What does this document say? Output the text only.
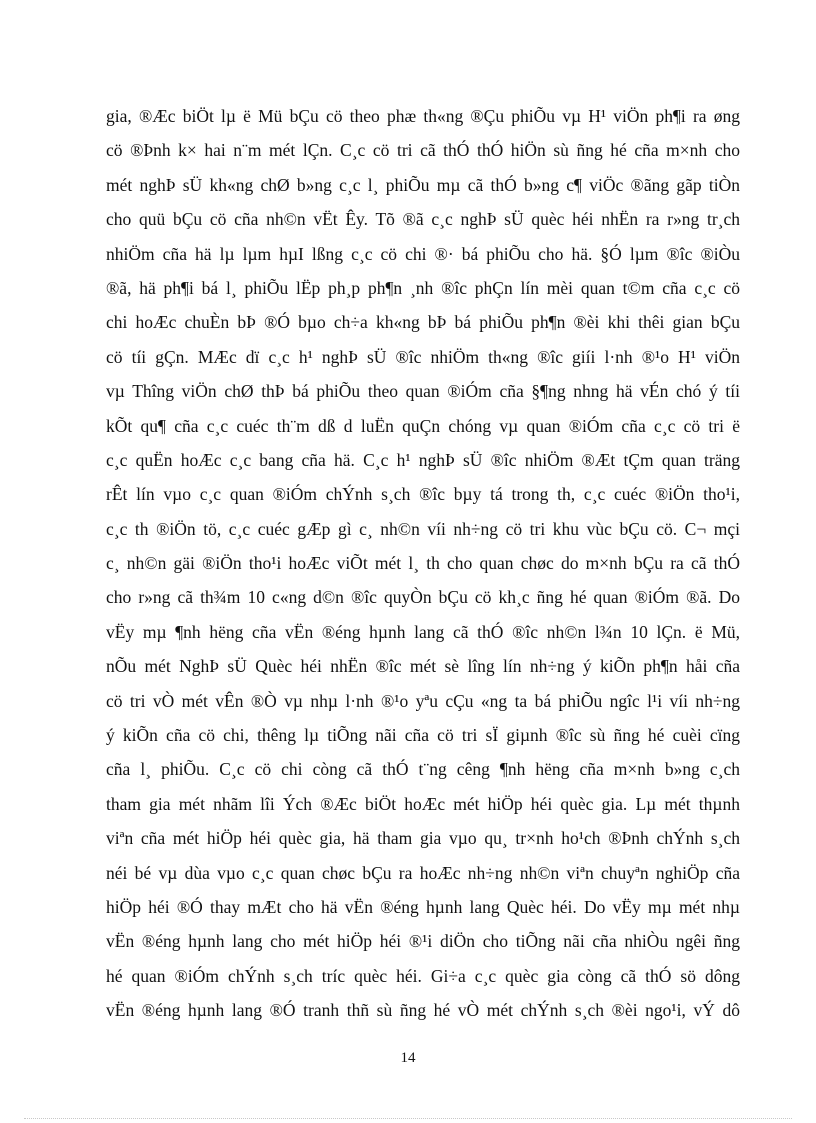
gia, ®Æc biÖt lµ ë Mü bÇu cö theo phæ th«ng ®Çu phiÕu vµ H¹ viÖn ph¶i ra øng
cö ®Þnh k× hai n¨m mét lÇn. C¸c cö tri cã thÓ thÓ hiÖn sù ñng hé cña m×nh cho
mét nghÞ sÜ kh«ng chØ b»ng c¸c l¸ phiÕu mµ cã thÓ b»ng c¶ viÖc ®ãng gãp tiÒn
cho quü bÇu cö cña nh©n vËt Êy. Tõ ®ã c¸c nghÞ sÜ quèc héi nhËn ra r»ng tr¸ch
nhiÖm cña hä lµ lµm hµI lßng c¸c cö chi ®· bá phiÕu cho hä. §Ó lµm ®îc ®iÒu
®ã, hä ph¶i bá l¸ phiÕu lËp ph¸p ph¶n ¸nh ®îc phÇn lín mèi quan t©m cña c¸c cö
chi hoÆc chuÈn bÞ ®Ó bµo ch÷a kh«ng bÞ bá phiÕu ph¶n ®èi khi thêi gian bÇu
cö tíi gÇn. MÆc dï c¸c h¹ nghÞ sÜ ®îc nhiÖm th«ng ®îc giíi l·nh ®¹o H¹ viÖn
vµ Thîng viÖn chØ thÞ bá phiÕu theo quan ®iÓm cña §¶ng nhng hä vÉn chó ý tíi
kÕt qu¶ cña c¸c cuéc th¨m dß d luËn quÇn chóng vµ quan ®iÓm cña c¸c cö tri ë
c¸c quËn hoÆc c¸c bang cña hä. C¸c h¹ nghÞ sÜ ®îc nhiÖm ®Æt tÇm quan träng
rÊt lín vµo c¸c quan ®iÓm chÝnh s¸ch ®îc bµy tá trong th, c¸c cuéc ®iÖn tho¹i,
c¸c th ®iÖn tö, c¸c cuéc gÆp gì c¸ nh©n víi nh÷ng cö tri khu vùc bÇu cö. C¬ mçi
c¸ nh©n gäi ®iÖn tho¹i hoÆc viÕt mét l¸ th cho quan chøc do m×nh bÇu ra cã thÓ
cho r»ng cã th¾m 10 c«ng d©n ®îc quyÒn bÇu cö kh¸c ñng hé quan ®iÓm ®ã. Do
vËy mµ ¶nh hëng cña vËn ®éng hµnh lang cã thÓ ®îc nh©n l¾n 10 lÇn. ë Mü,
nÕu mét NghÞ sÜ Quèc héi nhËn ®îc mét sè lîng lín nh÷ng ý kiÕn ph¶n håi cña
cö tri vÒ mét vÊn ®Ò vµ nhµ l·nh ®¹o yªu cÇu «ng ta bá phiÕu ngîc l¹i víi nh÷ng
ý kiÕn cña cö chi, thêng lµ tiÕng nãi cña cö tri sÏ giµnh ®îc sù ñng hé cuèi cïng
cña l¸ phiÕu. C¸c cö chi còng cã thÓ t¨ng cêng ¶nh hëng cña m×nh b»ng c¸ch
tham gia mét nhãm lîi Ých ®Æc biÖt hoÆc mét hiÖp héi quèc gia. Lµ mét thµnh
viªn cña mét hiÖp héi quèc gia, hä tham gia vµo qu¸ tr×nh ho¹ch ®Þnh chÝnh s¸ch
néi bé vµ dùa vµo c¸c quan chøc bÇu ra hoÆc nh÷ng nh©n viªn chuyªn nghiÖp cña
hiÖp héi ®Ó thay mÆt cho hä vËn ®éng hµnh lang Quèc héi. Do vËy mµ mét nhµ
vËn ®éng hµnh lang cho mét hiÖp héi ®¹i diÖn cho tiÕng nãi cña nhiÒu ngêi ñng
hé quan ®iÓm chÝnh s¸ch tríc quèc héi. Gi÷a c¸c quèc gia còng cã thÓ sö dông
vËn ®éng hµnh lang ®Ó tranh thñ sù ñng hé vÒ mét chÝnh s¸ch ®èi ngo¹i, vÝ dô
14
